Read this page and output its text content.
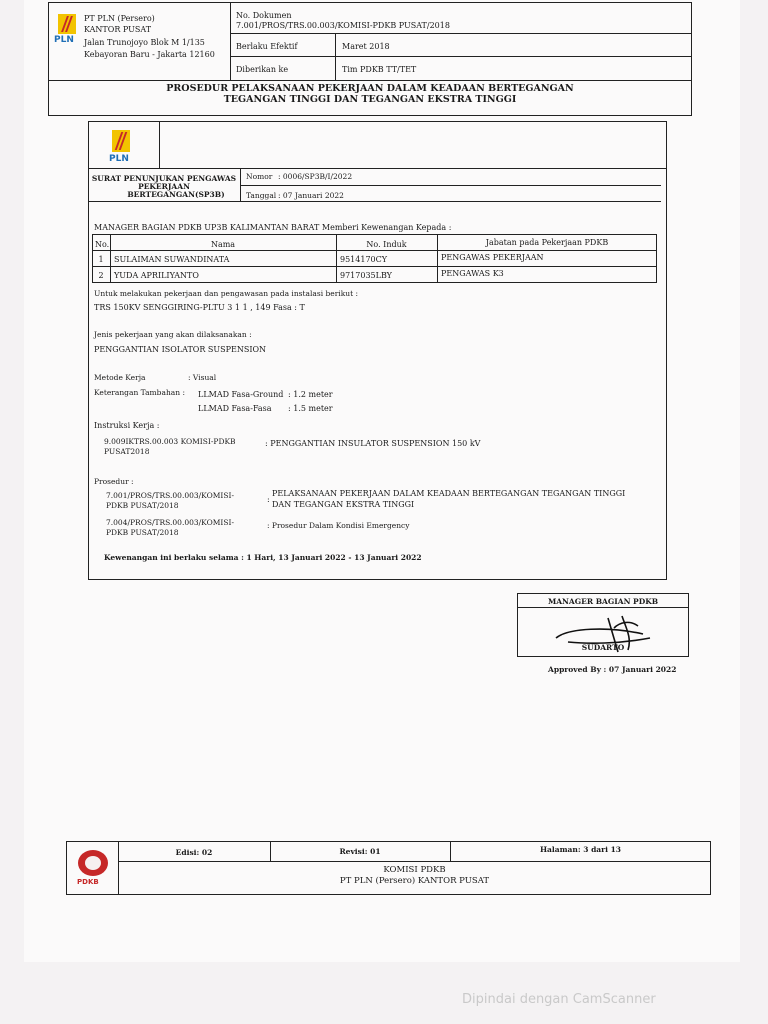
PLN
PT PLN (Persero)
KANTOR PUSAT
Jalan Trunojoyo Blok M 1/135
Kebayoran Baru - Jakarta 12160
No. Dokumen
7.001/PROS/TRS.00.003/KOMISI-PDKB PUSAT/2018
Berlaku Efektif	Maret 2018
Diberikan ke	Tim PDKB TT/TET
PROSEDUR PELAKSANAAN PEKERJAAN DALAM KEADAAN BERTEGANGAN
TEGANGAN TINGGI DAN TEGANGAN EKSTRA TINGGI
PLN
SURAT PENUNJUKAN PENGAWAS
PEKERJAAN
BERTEGANGAN(SP3B)
Nomor : 0006/SP3B/I/2022
Tanggal : 07 Januari 2022
MANAGER BAGIAN PDKB UP3B KALIMANTAN BARAT Memberi Kewenangan Kepada :
No.	Nama	No. Induk	Jabatan pada Pekerjaan PDKB
1	SULAIMAN SUWANDINATA	9514170CY	PENGAWAS PEKERJAAN
2	YUDA APRILIYANTO	9717035LBY	PENGAWAS K3
Untuk melakukan pekerjaan dan pengawasan pada instalasi berikut :
TRS 150KV SENGGIRING-PLTU 3 1 1 , 149 Fasa : T
Jenis pekerjaan yang akan dilaksanakan :
PENGGANTIAN ISOLATOR SUSPENSION
Metode Kerja	: Visual
Keterangan Tambahan : LLMAD Fasa-Ground : 1.2 meter
LLMAD Fasa-Fasa : 1.5 meter
Instruksi Kerja :
9.009IKTRS.00.003 KOMISI-PDKB
PUSAT2018
: PENGGANTIAN INSULATOR SUSPENSION 150 kV
Prosedur :
7.001/PROS/TRS.00.003/KOMISI-
PDKB PUSAT/2018
:
PELAKSANAAN PEKERJAAN DALAM KEADAAN BERTEGANGAN TEGANGAN TINGGI
DAN TEGANGAN EKSTRA TINGGI
7.004/PROS/TRS.00.003/KOMISI-
PDKB PUSAT/2018
: Prosedur Dalam Kondisi Emergency
Kewenangan ini berlaku selama : 1 Hari, 13 Januari 2022 - 13 Januari 2022
MANAGER BAGIAN PDKB
SUDARTO
Approved By : 07 Januari 2022
PDKB
Edisi: 02	Revisi: 01	Halaman: 3 dari 13
KOMISI PDKB
PT PLN (Persero) KANTOR PUSAT
Dipindai dengan CamScanner
